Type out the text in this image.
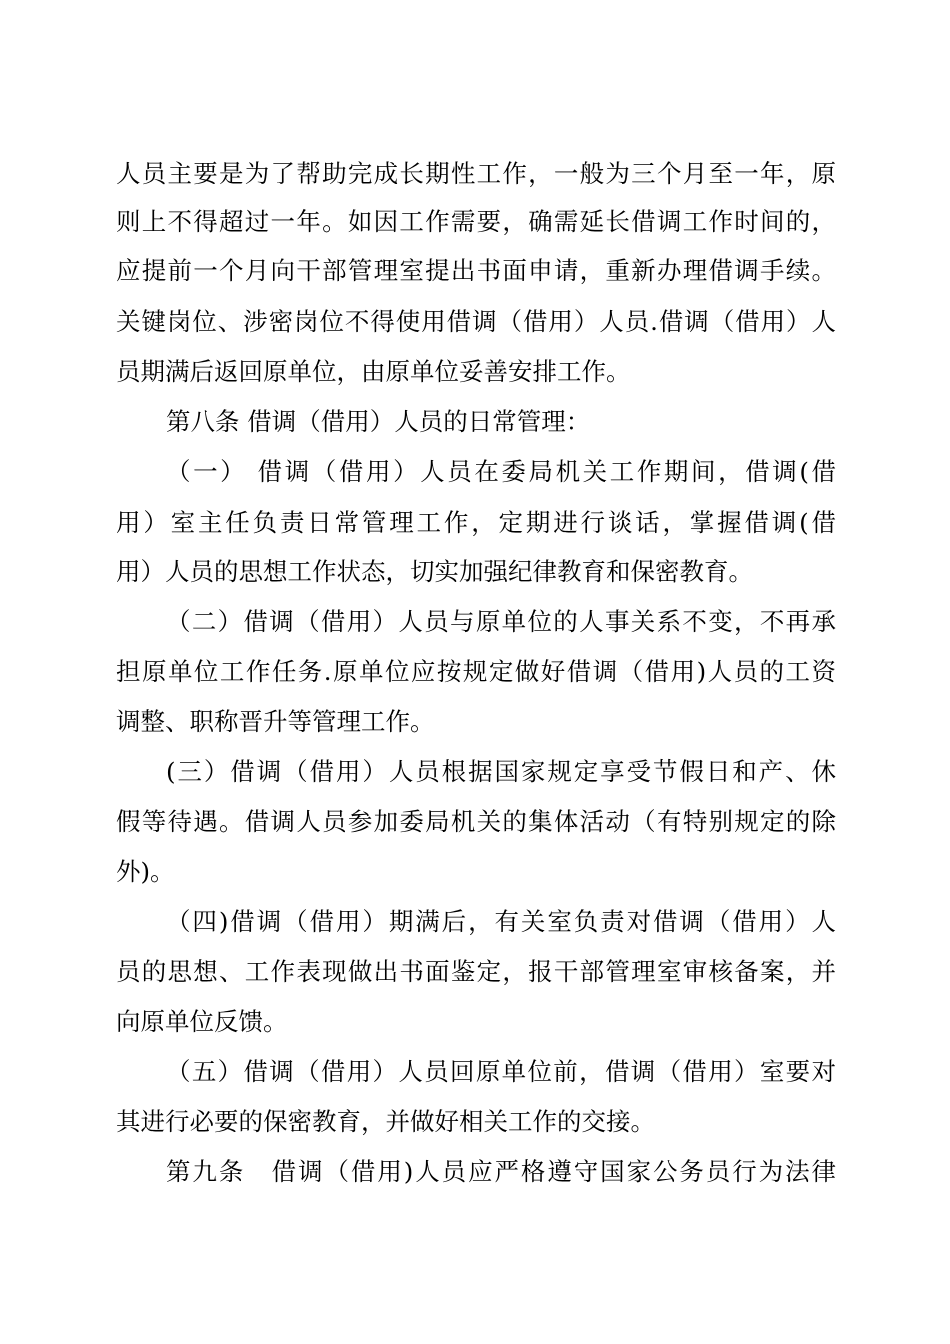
人员主要是为了帮助完成长期性工作，一般为三个月至一年，原
则上不得超过一年。如因工作需要，确需延长借调工作时间的，
应提前一个月向干部管理室提出书面申请，重新办理借调手续。
关键岗位、涉密岗位不得使用借调（借用）人员.借调（借用）人
员期满后返回原单位，由原单位妥善安排工作。
第八条 借调（借用）人员的日常管理：
（一） 借调（借用）人员在委局机关工作期间，借调(借
用）室主任负责日常管理工作，定期进行谈话，掌握借调(借
用）人员的思想工作状态，切实加强纪律教育和保密教育。
（二）借调（借用）人员与原单位的人事关系不变，不再承
担原单位工作任务.原单位应按规定做好借调（借用)人员的工资
调整、职称晋升等管理工作。
(三）借调（借用）人员根据国家规定享受节假日和产、休
假等待遇。借调人员参加委局机关的集体活动（有特别规定的除
外)。
（四)借调（借用）期满后，有关室负责对借调（借用）人
员的思想、工作表现做出书面鉴定，报干部管理室审核备案，并
向原单位反馈。
（五）借调（借用）人员回原单位前，借调（借用）室要对
其进行必要的保密教育，并做好相关工作的交接。
第九条　借调（借用)人员应严格遵守国家公务员行为法律
